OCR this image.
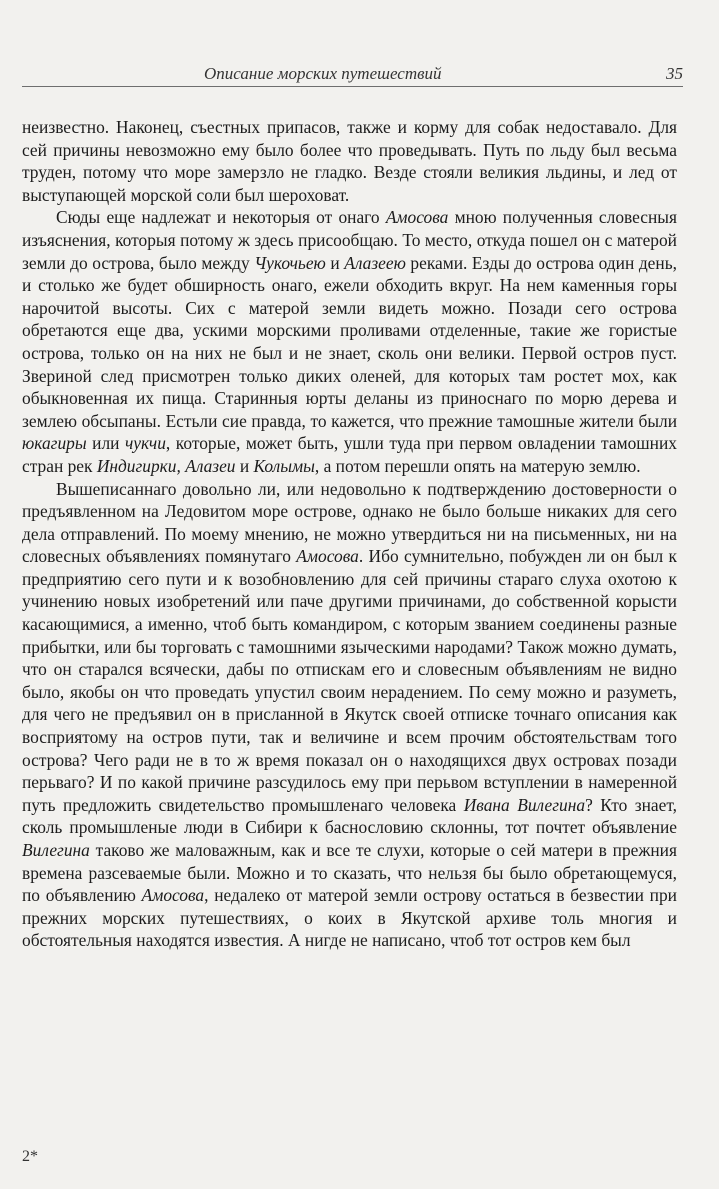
Описание морских путешествий	35

неизвестно. Наконец, съестных припасов, также и корму для собак недоставало. Для сей причины невозможно ему было более что проведывать. Путь по льду был весьма труден, потому что море замерзло не гладко. Везде стояли великия льдины, и лед от выступающей морской соли был шероховат.

Сюды еще надлежат и некоторыя от онаго Амосова мною полученныя словесныя изъяснения, которыя потому ж здесь присообщаю. То место, откуда пошел он с матерой земли до острова, было между Чукочьею и Алазеею реками. Езды до острова один день, и столько же будет обширность онаго, ежели обходить вкруг. На нем каменныя горы нарочитой высоты. Сих с матерой земли видеть можно. Позади сего острова обретаются еще два, ускими морскими проливами отделенные, такие же гористые острова, только он на них не был и не знает, сколь они велики. Первой остров пуст. Звериной след присмотрен только диких оленей, для которых там ростет мох, как обыкновенная их пища. Старинныя юрты деланы из приноснаго по морю дерева и землею обсыпаны. Естьли сие правда, то кажется, что прежние тамошные жители были юкагиры или чукчи, которые, может быть, ушли туда при первом овладении тамошних стран рек Индигирки, Алазеи и Колымы, а потом перешли опять на матерую землю.

Вышеписаннаго довольно ли, или недовольно к подтверждению достоверности о предъявленном на Ледовитом море острове, однако не было больше никаких для сего дела отправлений. По моему мнению, не можно утвердиться ни на письменных, ни на словесных объявлениях помянутаго Амосова. Ибо сумнительно, побужден ли он был к предприятию сего пути и к возобновлению для сей причины стараго слуха охотою к учинению новых изобретений или паче другими причинами, до собственной корысти касающимися, а именно, чтоб быть командиром, с которым званием соединены разные прибытки, или бы торговать с тамошними языческими народами? Також можно думать, что он старался всячески, дабы по отпискам его и словесным объявлениям не видно было, якобы он что проведать упустил своим нерадением. По сему можно и разуметь, для чего не предъявил он в присланной в Якутск своей отписке точнаго описания как восприятому на остров пути, так и величине и всем прочим обстоятельствам того острова? Чего ради не в то ж время показал он о находящихся двух островах позади перьваго? И по какой причине разсудилось ему при перьвом вступлении в намеренной путь предложить свидетельство промышленаго человека Ивана Вилегина? Кто знает, сколь промышленые люди в Сибири к баснословию склонны, тот почтет объявление Вилегина таково же маловажным, как и все те слухи, которые о сей матери в прежния времена разсеваемые были. Можно и то сказать, что нельзя бы было обретающемуся, по объявлению Амосова, недалеко от матерой земли острову остаться в безвестии при прежних морских путешествиях, о коих в Якутской архиве толь многия и обстоятельныя находятся известия. А нигде не написано, чтоб тот остров кем был

2*
